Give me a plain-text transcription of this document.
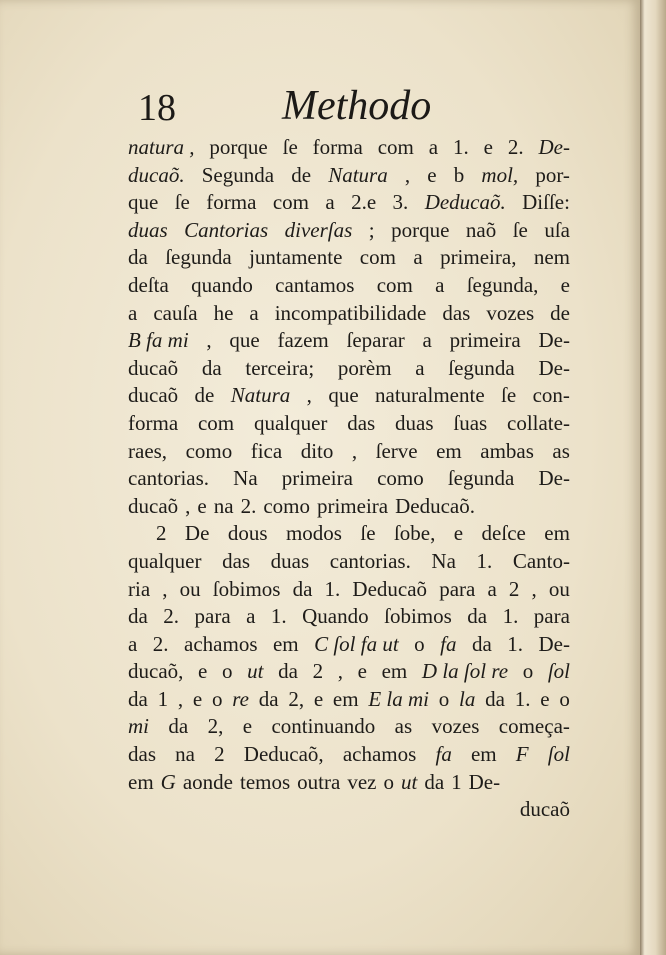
18	Methodo
natura , porque ſe forma com a 1. e 2. De-
ducaõ. Segunda de Natura , e b mol, por-
que ſe forma com a 2.e 3. Deducaõ. Diſſe:
duas Cantorias diverſas ; porque naõ ſe uſa
da ſegunda juntamente com a primeira, nem
deſta quando cantamos com a ſegunda, e
a cauſa he a incompatibilidade das vozes de
B fa mi , que fazem ſeparar a primeira De-
ducaõ da terceira; porèm a ſegunda De-
ducaõ de Natura , que naturalmente ſe con-
forma com qualquer das duas ſuas collate-
raes, como fica dito , ſerve em ambas as
cantorias. Na primeira como ſegunda De-
ducaõ , e na 2. como primeira Deducaõ.
2 De dous modos ſe ſobe, e deſce em
qualquer das duas cantorias. Na 1. Canto-
ria , ou ſobimos da 1. Deducaõ para a 2 , ou
da 2. para a 1. Quando ſobimos da 1. para
a 2. achamos em C ſol fa ut o fa da 1. De-
ducaõ, e o ut da 2 , e em D la ſol re o ſol
da 1 , e o re da 2, e em E la mi o la da 1. e o
mi da 2, e continuando as vozes começa-
das na 2 Deducaõ, achamos fa em F ſol
em G aonde temos outra vez o ut da 1 De-
ducaõ
